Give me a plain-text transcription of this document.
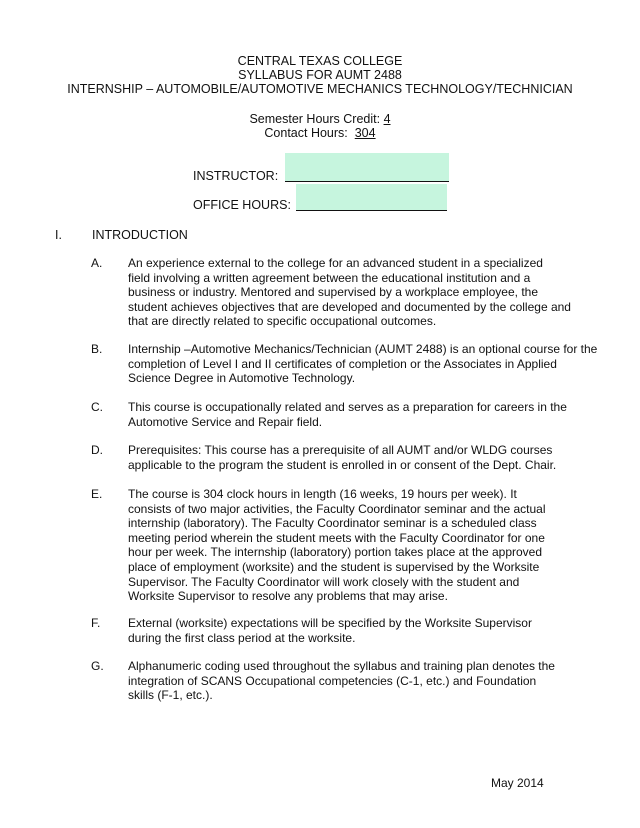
CENTRAL TEXAS COLLEGE
SYLLABUS FOR AUMT 2488
INTERNSHIP – AUTOMOBILE/AUTOMOTIVE MECHANICS TECHNOLOGY/TECHNICIAN
Semester Hours Credit: 4
Contact Hours: 304
INSTRUCTOR:
OFFICE HOURS:
I. INTRODUCTION
A. An experience external to the college for an advanced student in a specialized
field involving a written agreement between the educational institution and a
business or industry. Mentored and supervised by a workplace employee, the
student achieves objectives that are developed and documented by the college and
that are directly related to specific occupational outcomes.
B. Internship –Automotive Mechanics/Technician (AUMT 2488) is an optional course for the
completion of Level I and II certificates of completion or the Associates in Applied
Science Degree in Automotive Technology.
C. This course is occupationally related and serves as a preparation for careers in the
Automotive Service and Repair field.
D. Prerequisites: This course has a prerequisite of all AUMT and/or WLDG courses
applicable to the program the student is enrolled in or consent of the Dept. Chair.
E. The course is 304 clock hours in length (16 weeks, 19 hours per week). It
consists of two major activities, the Faculty Coordinator seminar and the actual
internship (laboratory). The Faculty Coordinator seminar is a scheduled class
meeting period wherein the student meets with the Faculty Coordinator for one
hour per week. The internship (laboratory) portion takes place at the approved
place of employment (worksite) and the student is supervised by the Worksite
Supervisor. The Faculty Coordinator will work closely with the student and
Worksite Supervisor to resolve any problems that may arise.
F. External (worksite) expectations will be specified by the Worksite Supervisor
during the first class period at the worksite.
G. Alphanumeric coding used throughout the syllabus and training plan denotes the
integration of SCANS Occupational competencies (C-1, etc.) and Foundation
skills (F-1, etc.).
May 2014
